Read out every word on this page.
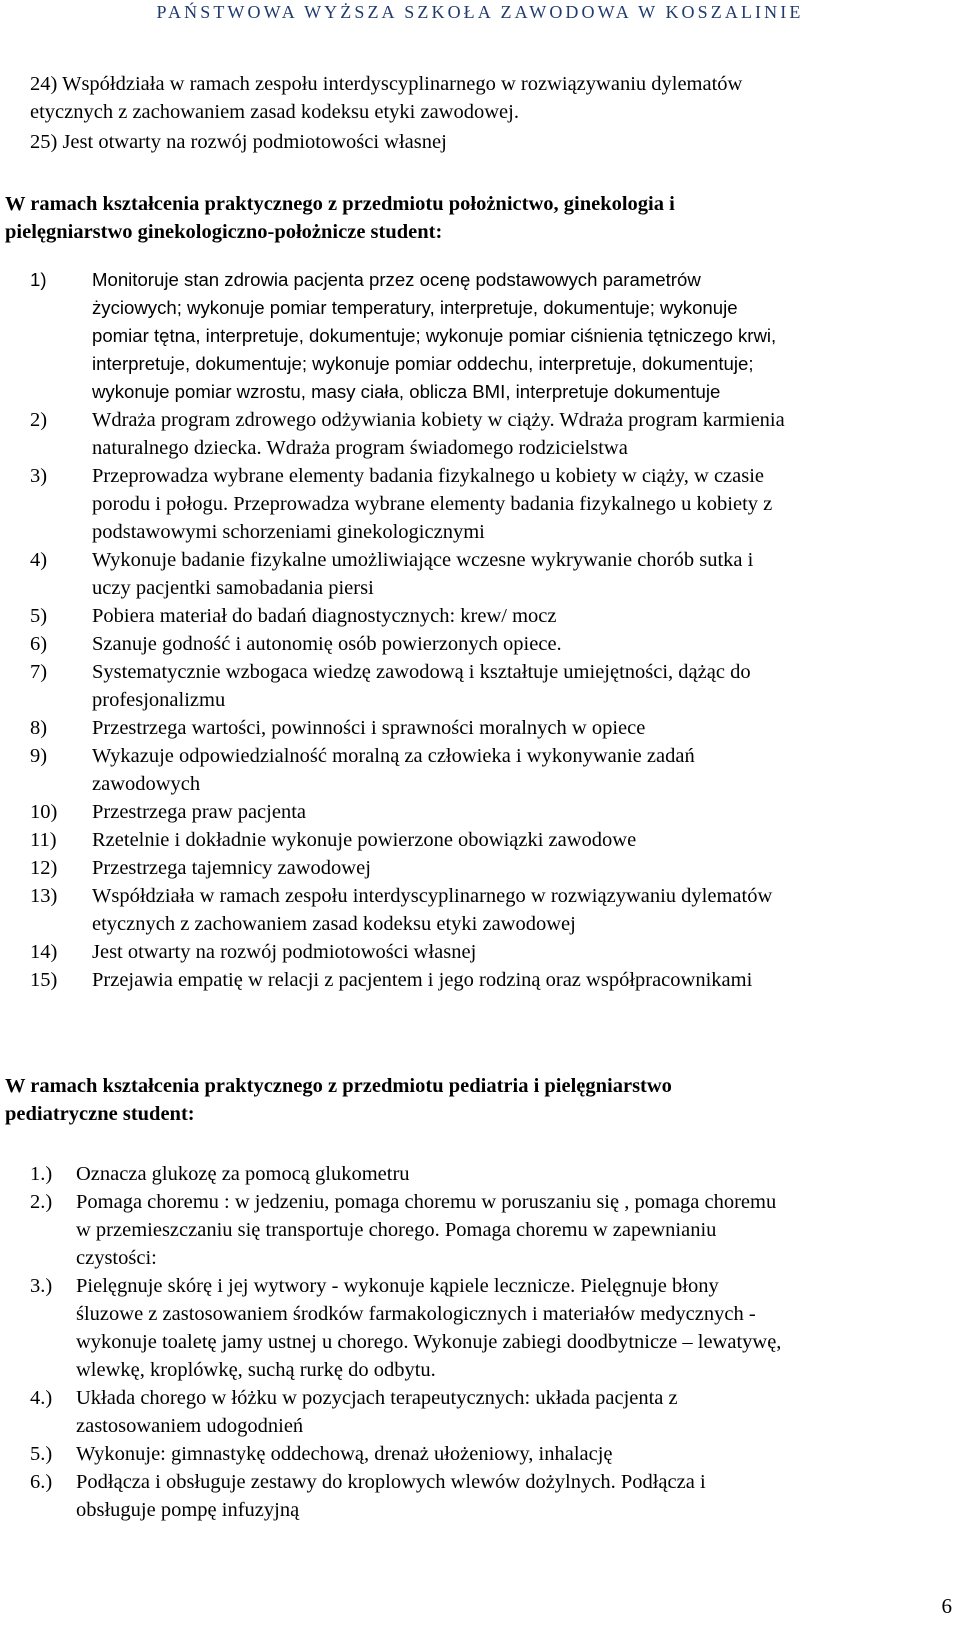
PAŃSTWOWA WYŻSZA SZKOŁA ZAWODOWA W KOSZALINIE
24) Współdziała w ramach zespołu interdyscyplinarnego w rozwiązywaniu dylematów
etycznych z zachowaniem zasad kodeksu etyki zawodowej.
25) Jest otwarty na rozwój podmiotowości własnej
W ramach kształcenia praktycznego z przedmiotu położnictwo, ginekologia i
pielęgniarstwo ginekologiczno-położnicze student:
1) Monitoruje stan zdrowia pacjenta przez ocenę podstawowych parametrów
życiowych; wykonuje pomiar temperatury, interpretuje, dokumentuje; wykonuje
pomiar tętna, interpretuje, dokumentuje; wykonuje pomiar ciśnienia tętniczego krwi,
interpretuje, dokumentuje; wykonuje pomiar oddechu, interpretuje, dokumentuje;
wykonuje pomiar wzrostu, masy ciała, oblicza BMI, interpretuje dokumentuje
2) Wdraża program zdrowego odżywiania kobiety w ciąży. Wdraża program karmienia
naturalnego dziecka. Wdraża program świadomego rodzicielstwa
3) Przeprowadza wybrane elementy badania fizykalnego u kobiety w ciąży, w czasie
porodu i połogu. Przeprowadza wybrane elementy badania fizykalnego u kobiety z
podstawowymi schorzeniami ginekologicznymi
4) Wykonuje badanie fizykalne umożliwiające wczesne wykrywanie chorób sutka i
uczy pacjentki samobadania piersi
5) Pobiera materiał do badań diagnostycznych: krew/ mocz
6) Szanuje godność i autonomię osób powierzonych opiece.
7) Systematycznie wzbogaca wiedzę zawodową i kształtuje umiejętności, dążąc do
profesjonalizmu
8) Przestrzega wartości, powinności i sprawności moralnych w opiece
9) Wykazuje odpowiedzialność moralną za człowieka i wykonywanie zadań
zawodowych
10) Przestrzega praw pacjenta
11) Rzetelnie i dokładnie wykonuje powierzone obowiązki zawodowe
12) Przestrzega tajemnicy zawodowej
13) Współdziała w ramach zespołu interdyscyplinarnego w rozwiązywaniu dylematów
etycznych z zachowaniem zasad kodeksu etyki zawodowej
14) Jest otwarty na rozwój podmiotowości własnej
15) Przejawia empatię w relacji z pacjentem i jego rodziną oraz współpracownikami
W ramach kształcenia praktycznego z przedmiotu pediatria i pielęgniarstwo
pediatryczne student:
1.) Oznacza glukozę za pomocą glukometru
2.) Pomaga choremu : w jedzeniu, pomaga choremu w poruszaniu się , pomaga choremu
w przemieszczaniu się transportuje chorego. Pomaga choremu w zapewnianiu
czystości:
3.) Pielęgnuje skórę i jej wytwory - wykonuje kąpiele lecznicze. Pielęgnuje błony
śluzowe z zastosowaniem środków farmakologicznych i materiałów medycznych -
wykonuje toaletę jamy ustnej u chorego. Wykonuje zabiegi doodbytnicze – lewatywę,
wlewkę, kroplówkę, suchą rurkę do odbytu.
4.) Układa chorego w łóżku w pozycjach terapeutycznych: układa pacjenta z
zastosowaniem udogodnień
5.) Wykonuje: gimnastykę oddechową, drenaż ułożeniowy, inhalację
6.) Podłącza i obsługuje zestawy do kroplowych wlewów dożylnych. Podłącza i
obsługuje pompę infuzyjną
6
